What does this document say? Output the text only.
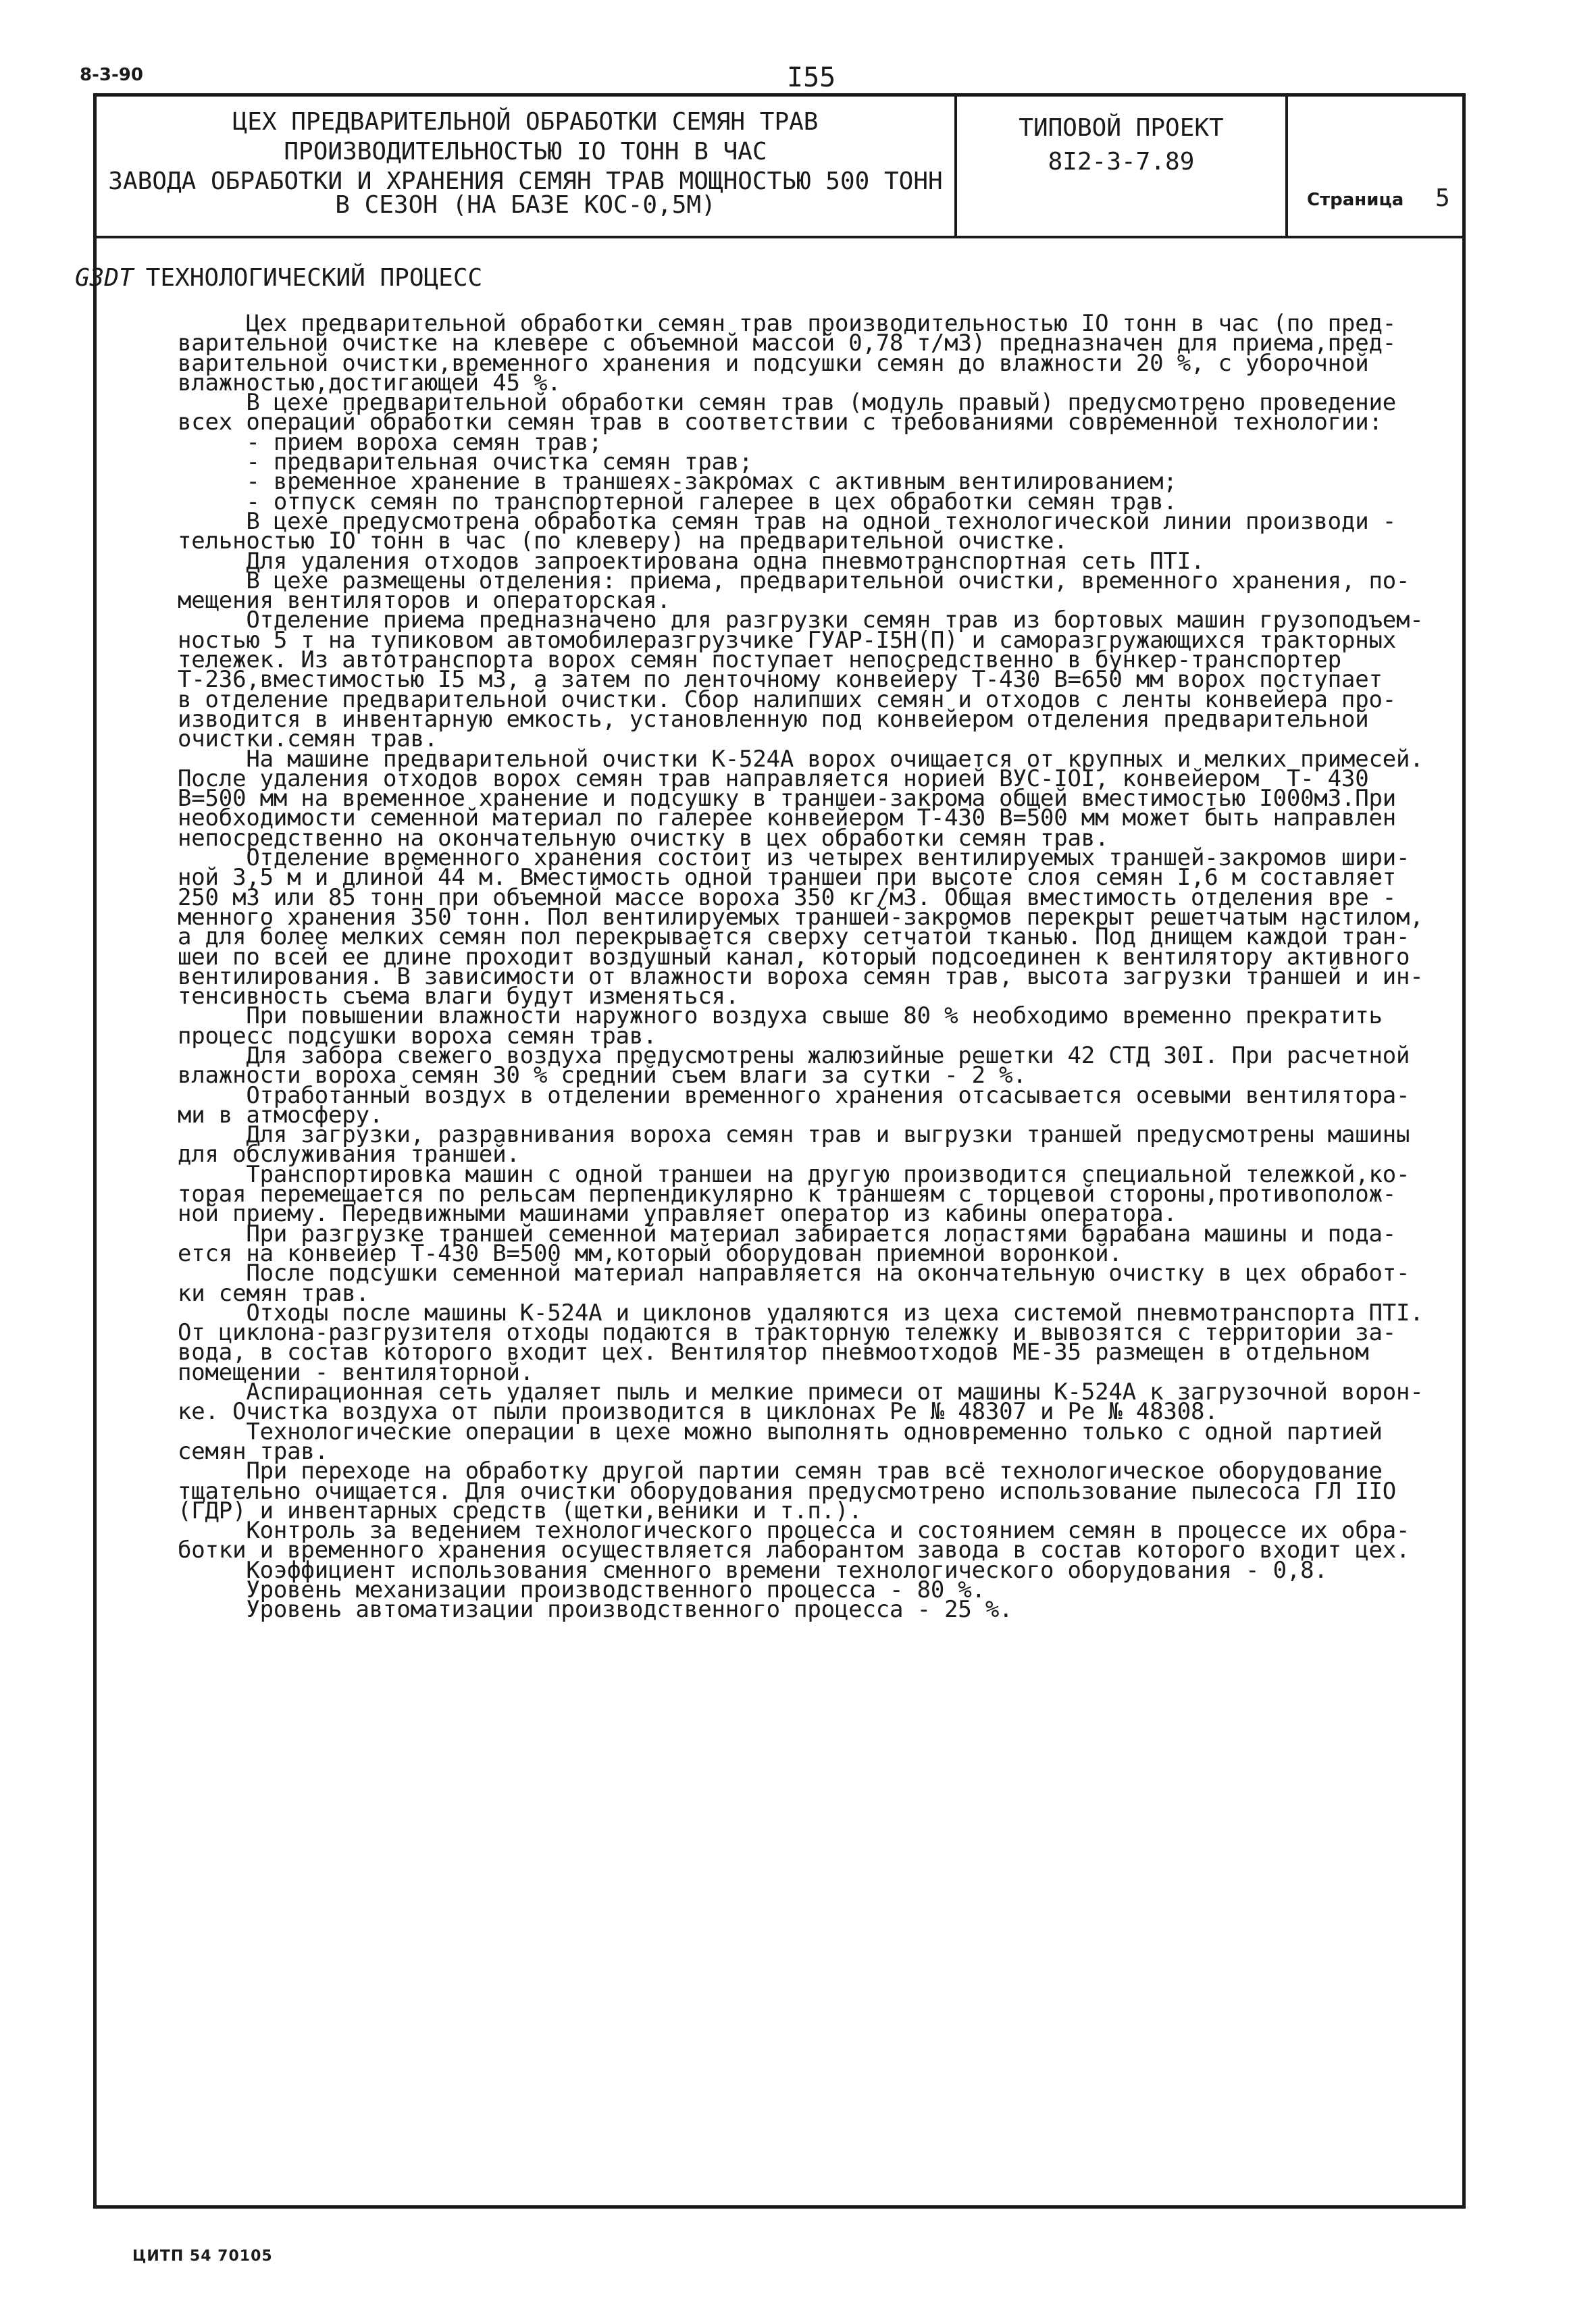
8-3-90	I55
ЦЕХ ПРЕДВАРИТЕЛЬНОЙ ОБРАБОТКИ СЕМЯН ТРАВ
ПРОИЗВОДИТЕЛЬНОСТЬЮ IO ТОНН В ЧАС
ЗАВОДА ОБРАБОТКИ И ХРАНЕНИЯ СЕМЯН ТРАВ МОЩНОСТЬЮ 500 ТОНН
В СЕЗОН (НА БАЗЕ КОС-0,5М)
ТИПОВОЙ ПРОЕКТ
8I2-3-7.89
Страница 5
G3DT ТЕХНОЛОГИЧЕСКИЙ ПРОЦЕСС

Цех предварительной обработки семян трав производительностью IO тонн в час (по пред-

варительной очистке на клевере с объемной массой 0,78 т/м3) предназначен для приема,пред-

варительной очистки,временного хранения и подсушки семян до влажности 20 %, с уборочной

влажностью,достигающей 45 %.

В цехе предварительной обработки семян трав (модуль правый) предусмотрено проведение

всех операций обработки семян трав в соответствии с требованиями современной технологии:

- прием вороха семян трав;

- предварительная очистка семян трав;

- временное хранение в траншеях-закромах с активным вентилированием;

- отпуск семян по транспортерной галерее в цех обработки семян трав.

В цехе предусмотрена обработка семян трав на одной технологической линии производи -

тельностью IO тонн в час (по клеверу) на предварительной очистке.

Для удаления отходов запроектирована одна пневмотранспортная сеть ПТI.

В цехе размещены отделения: приема, предварительной очистки, временного хранения, по-

мещения вентиляторов и операторская.

Отделение приема предназначено для разгрузки семян трав из бортовых машин грузоподъем-

ностью 5 т на тупиковом автомобилеразгрузчике ГУАР-I5Н(П) и саморазгружающихся тракторных

тележек. Из автотранспорта ворох семян поступает непосредственно в бункер-транспортер

Т-236,вместимостью I5 м3, а затем по ленточному конвейеру Т-430 В=650 мм ворох поступает

в отделение предварительной очистки. Сбор налипших семян и отходов с ленты конвейера про-

изводится в инвентарную емкость, установленную под конвейером отделения предварительной

очистки.семян трав.

На машине предварительной очистки К-524А ворох очищается от крупных и мелких примесей.

После удаления отходов ворох семян трав направляется норией ВУС-IOI, конвейером  Т- 430

В=500 мм на временное хранение и подсушку в траншеи-закрома общей вместимостью I000м3.При

необходимости семенной материал по галерее конвейером Т-430 В=500 мм может быть направлен

непосредственно на окончательную очистку в цех обработки семян трав.

Отделение временного хранения состоит из четырех вентилируемых траншей-закромов шири-

ной 3,5 м и длиной 44 м. Вместимость одной траншеи при высоте слоя семян I,6 м составляет

250 м3 или 85 тонн при объемной массе вороха 350 кг/м3. Общая вместимость отделения вре -

менного хранения 350 тонн. Пол вентилируемых траншей-закромов перекрыт решетчатым настилом,

а для более мелких семян пол перекрывается сверху сетчатой тканью. Под днищем каждой тран-

шеи по всей ее длине проходит воздушный канал, который подсоединен к вентилятору активного

вентилирования. В зависимости от влажности вороха семян трав, высота загрузки траншей и ин-

тенсивность съема влаги будут изменяться.

При повышении влажности наружного воздуха свыше 80 % необходимо временно прекратить

процесс подсушки вороха семян трав.

Для забора свежего воздуха предусмотрены жалюзийные решетки 42 СТД 30I. При расчетной

влажности вороха семян 30 % средний съем влаги за сутки - 2 %.

Отработанный воздух в отделении временного хранения отсасывается осевыми вентилятора-

ми в атмосферу.

Для загрузки, разравнивания вороха семян трав и выгрузки траншей предусмотрены машины

для обслуживания траншей.

Транспортировка машин с одной траншеи на другую производится специальной тележкой,ко-

торая перемещается по рельсам перпендикулярно к траншеям с торцевой стороны,противополож-

ной приему. Передвижными машинами управляет оператор из кабины оператора.

При разгрузке траншей семенной материал забирается лопастями барабана машины и пода-

ется на конвейер Т-430 В=500 мм,который оборудован приемной воронкой.

После подсушки семенной материал направляется на окончательную очистку в цех обработ-

ки семян трав.

Отходы после машины К-524А и циклонов удаляются из цеха системой пневмотранспорта ПТI.

От циклона-разгрузителя отходы подаются в тракторную тележку и вывозятся с территории за-

вода, в состав которого входит цех. Вентилятор пневмоотходов МЕ-35 размещен в отдельном

помещении - вентиляторной.

Аспирационная сеть удаляет пыль и мелкие примеси от машины К-524А к загрузочной ворон-

ке. Очистка воздуха от пыли производится в циклонах Ре № 48307 и Ре № 48308.

Технологические операции в цехе можно выполнять одновременно только с одной партией

семян трав.

При переходе на обработку другой партии семян трав всё технологическое оборудование

тщательно очищается. Для очистки оборудования предусмотрено использование пылесоса ГЛ IIO

(ГДР) и инвентарных средств (щетки,веники и т.п.).

Контроль за ведением технологического процесса и состоянием семян в процессе их обра-

ботки и временного хранения осуществляется лаборантом завода в состав которого входит цех.

Коэффициент использования сменного времени технологического оборудования - 0,8.

Уровень механизации производственного процесса - 80 %.

Уровень автоматизации производственного процесса - 25 %.

ЦИТП 54 70105
